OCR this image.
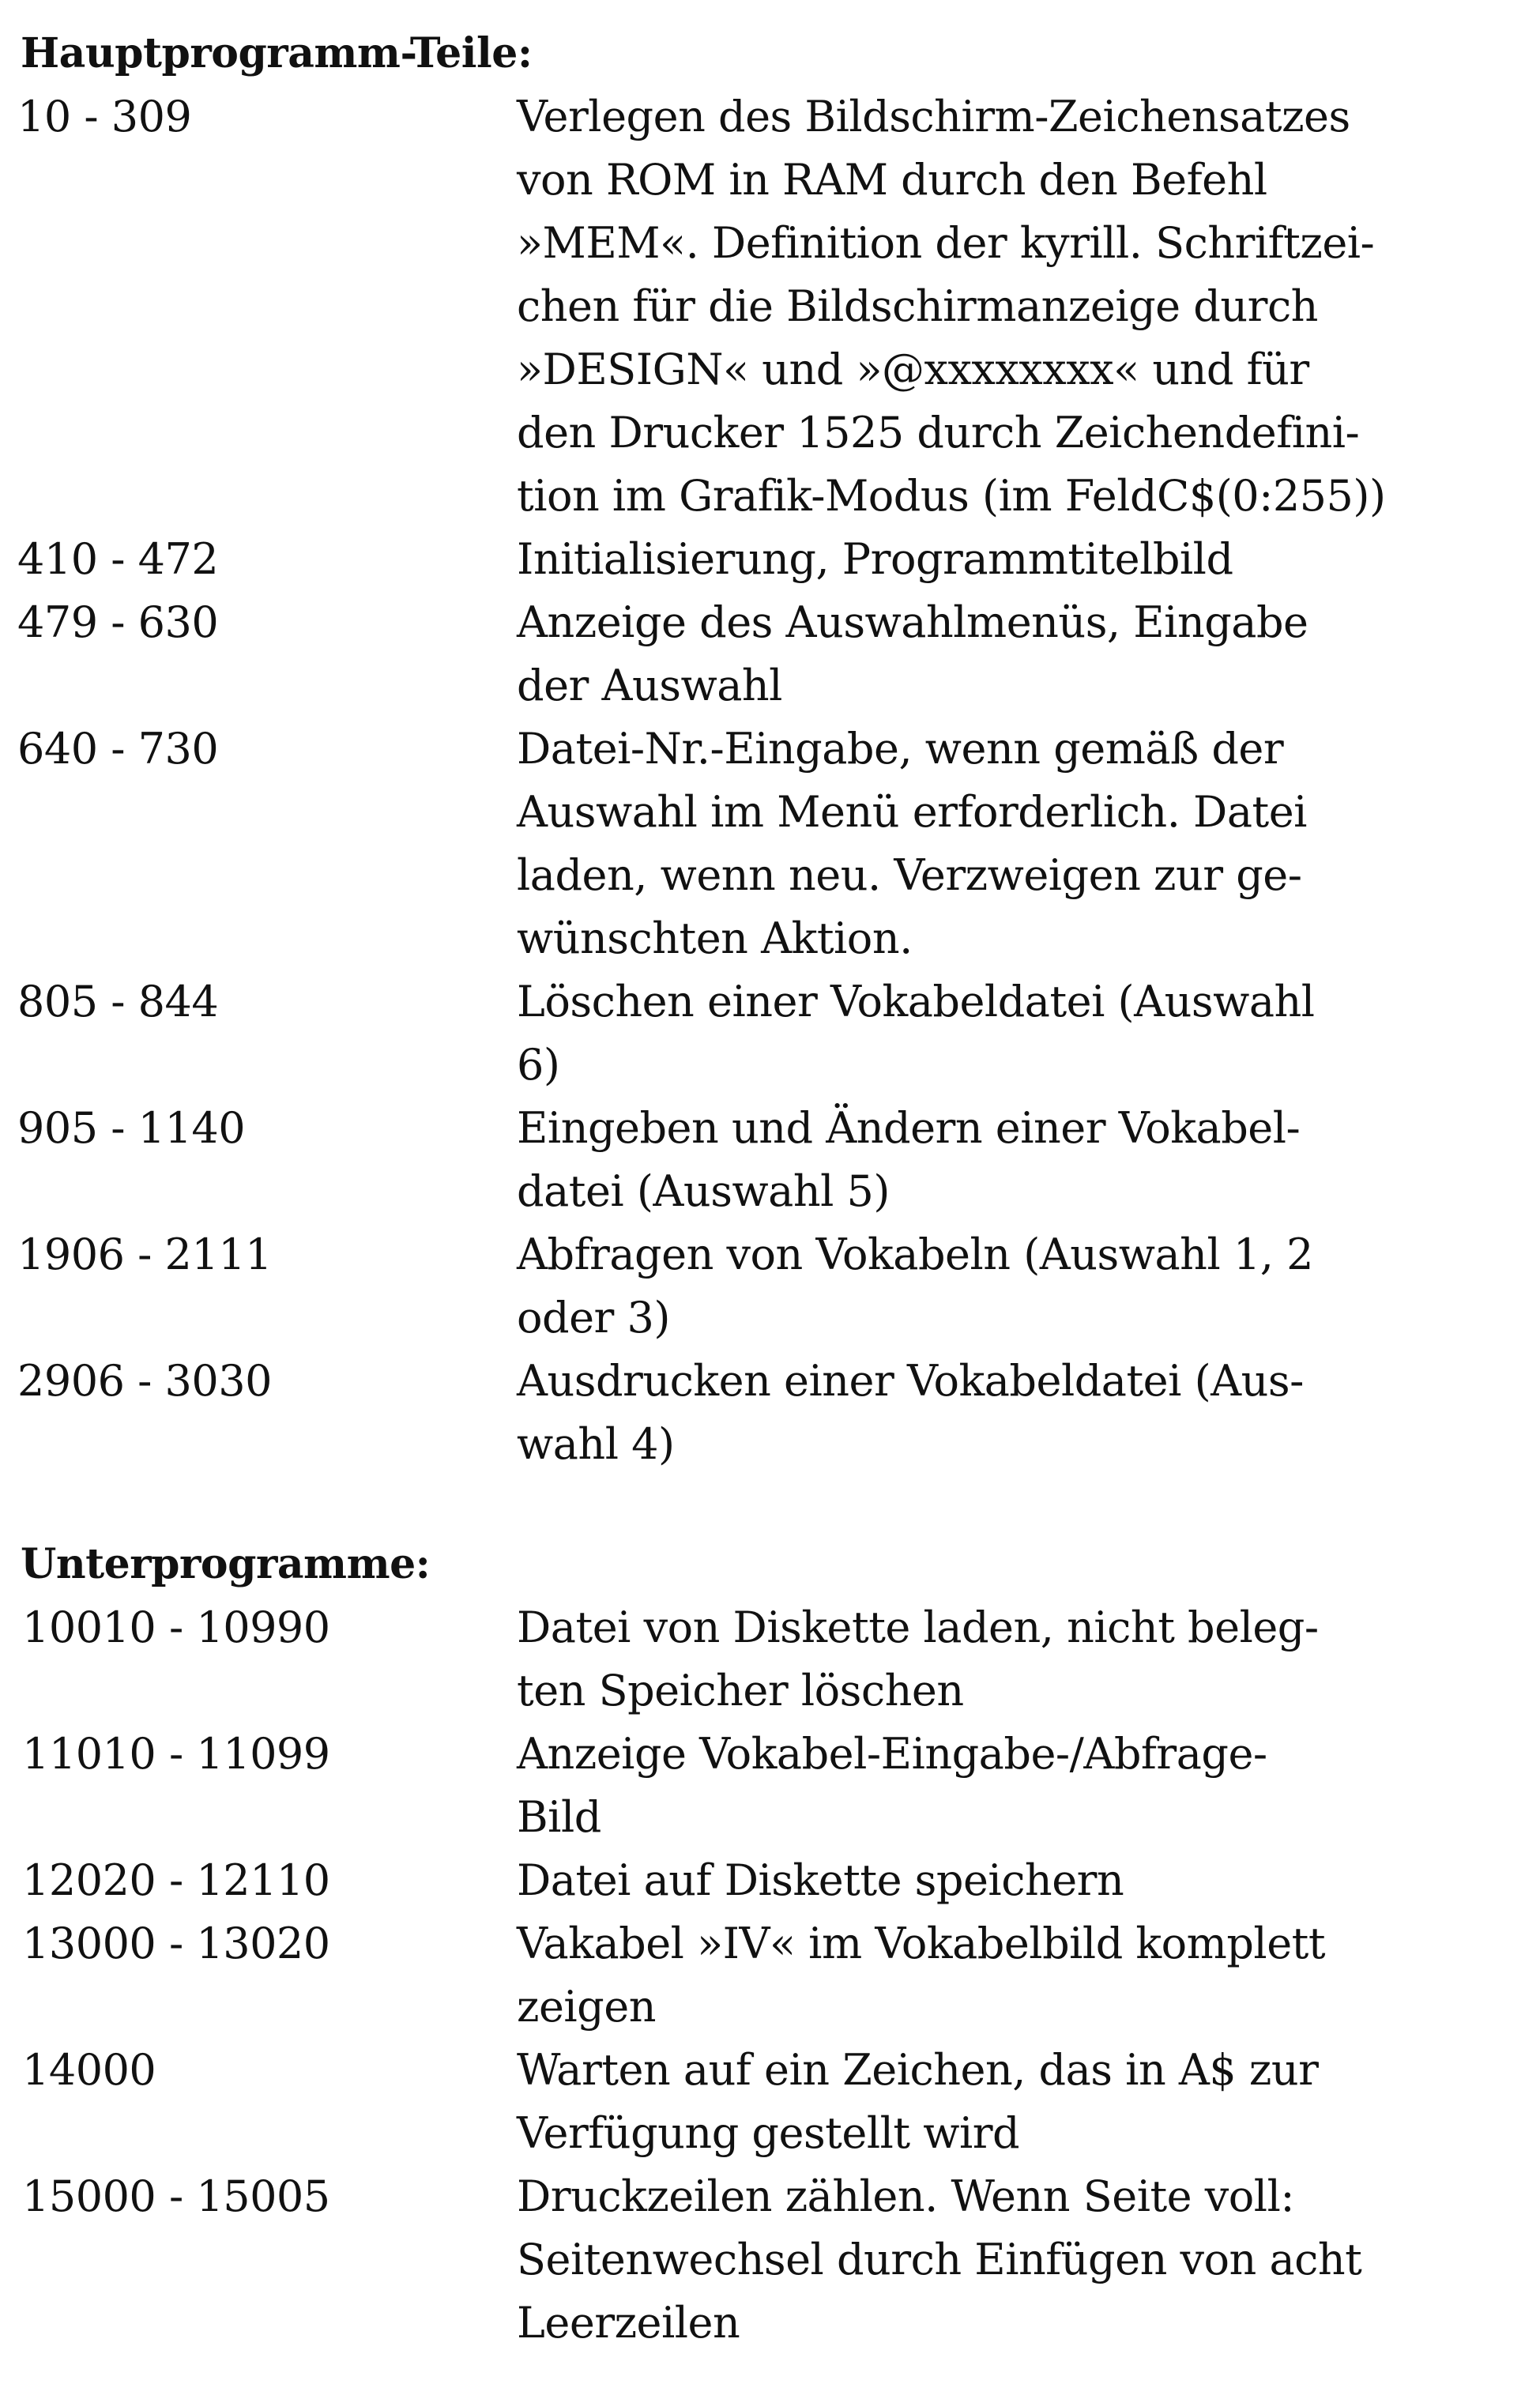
Hauptprogramm-Teile:
10 - 309	Verlegen des Bildschirm-Zeichensatzes
von ROM in RAM durch den Befehl
»MEM«. Definition der kyrill. Schriftzei-
chen für die Bildschirmanzeige durch
»DESIGN« und »@xxxxxxxx« und für
den Drucker 1525 durch Zeichendefini-
tion im Grafik-Modus (im FeldC$(0:255))
410 - 472	Initialisierung, Programmtitelbild
479 - 630	Anzeige des Auswahlmenüs, Eingabe
der Auswahl
640 - 730	Datei-Nr.-Eingabe, wenn gemäß der
Auswahl im Menü erforderlich. Datei
laden, wenn neu. Verzweigen zur ge-
wünschten Aktion.
805 - 844	Löschen einer Vokabeldatei (Auswahl
6)
905 - 1140	Eingeben und Ändern einer Vokabel-
datei (Auswahl 5)
1906 - 2111	Abfragen von Vokabeln (Auswahl 1, 2
oder 3)
2906 - 3030	Ausdrucken einer Vokabeldatei (Aus-
wahl 4)
Unterprogramme:
10010 - 10990	Datei von Diskette laden, nicht beleg-
ten Speicher löschen
11010 - 11099	Anzeige Vokabel-Eingabe-/Abfrage-
Bild
12020 - 12110	Datei auf Diskette speichern
13000 - 13020	Vakabel »IV« im Vokabelbild komplett
zeigen
14000	Warten auf ein Zeichen, das in A$ zur
Verfügung gestellt wird
15000 - 15005	Druckzeilen zählen. Wenn Seite voll:
Seitenwechsel durch Einfügen von acht
Leerzeilen
